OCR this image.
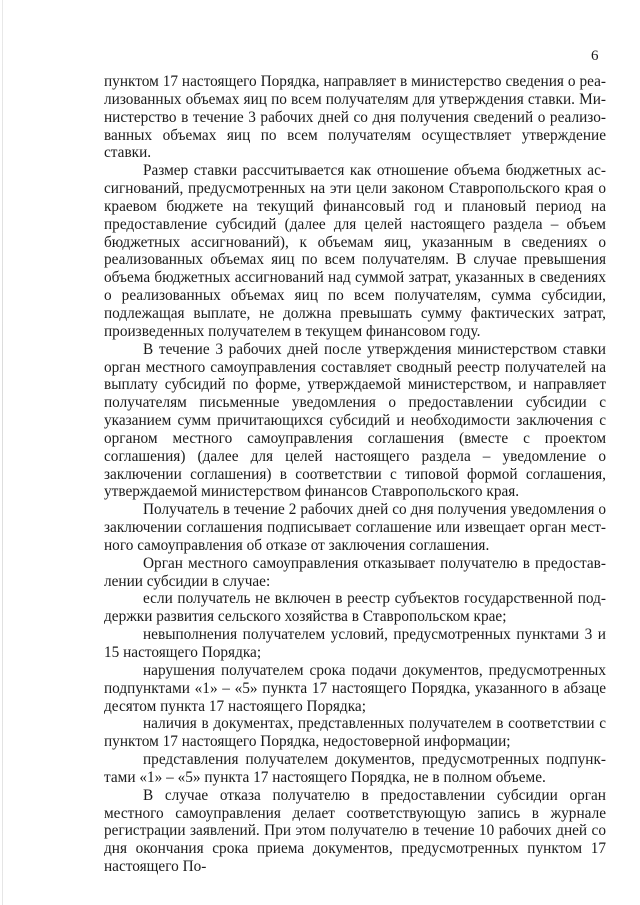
6

пунктом 17 настоящего Порядка, направляет в министерство сведения о реализованных объемах яиц по всем получателям для утверждения ставки. Министерство в течение 3 рабочих дней со дня получения сведений о реализованных объемах яиц по всем получателям осуществляет утверждение ставки.

Размер ставки рассчитывается как отношение объема бюджетных ассигнований, предусмотренных на эти цели законом Ставропольского края о краевом бюджете на текущий финансовый год и плановый период на предоставление субсидий (далее для целей настоящего раздела – объем бюджетных ассигнований), к объемам яиц, указанным в сведениях о реализованных объемах яиц по всем получателям. В случае превышения объема бюджетных ассигнований над суммой затрат, указанных в сведениях о реализованных объемах яиц по всем получателям, сумма субсидии, подлежащая выплате, не должна превышать сумму фактических затрат, произведенных получателем в текущем финансовом году.

В течение 3 рабочих дней после утверждения министерством ставки орган местного самоуправления составляет сводный реестр получателей на выплату субсидий по форме, утверждаемой министерством, и направляет получателям письменные уведомления о предоставлении субсидии с указанием сумм причитающихся субсидий и необходимости заключения с органом местного самоуправления соглашения (вместе с проектом соглашения) (далее для целей настоящего раздела – уведомление о заключении соглашения) в соответствии с типовой формой соглашения, утверждаемой министерством финансов Ставропольского края.

Получатель в течение 2 рабочих дней со дня получения уведомления о заключении соглашения подписывает соглашение или извещает орган местного самоуправления об отказе от заключения соглашения.

Орган местного самоуправления отказывает получателю в предоставлении субсидии в случае:

если получатель не включен в реестр субъектов государственной поддержки развития сельского хозяйства в Ставропольском крае;

невыполнения получателем условий, предусмотренных пунктами 3 и 15 настоящего Порядка;

нарушения получателем срока подачи документов, предусмотренных подпунктами «1» – «5» пункта 17 настоящего Порядка, указанного в абзаце десятом пункта 17 настоящего Порядка;

наличия в документах, представленных получателем в соответствии с пунктом 17 настоящего Порядка, недостоверной информации;

представления получателем документов, предусмотренных подпунктами «1» – «5» пункта 17 настоящего Порядка, не в полном объеме.

В случае отказа получателю в предоставлении субсидии орган местного самоуправления делает соответствующую запись в журнале регистрации заявлений. При этом получателю в течение 10 рабочих дней со дня окончания срока приема документов, предусмотренных пунктом 17 настоящего По-
